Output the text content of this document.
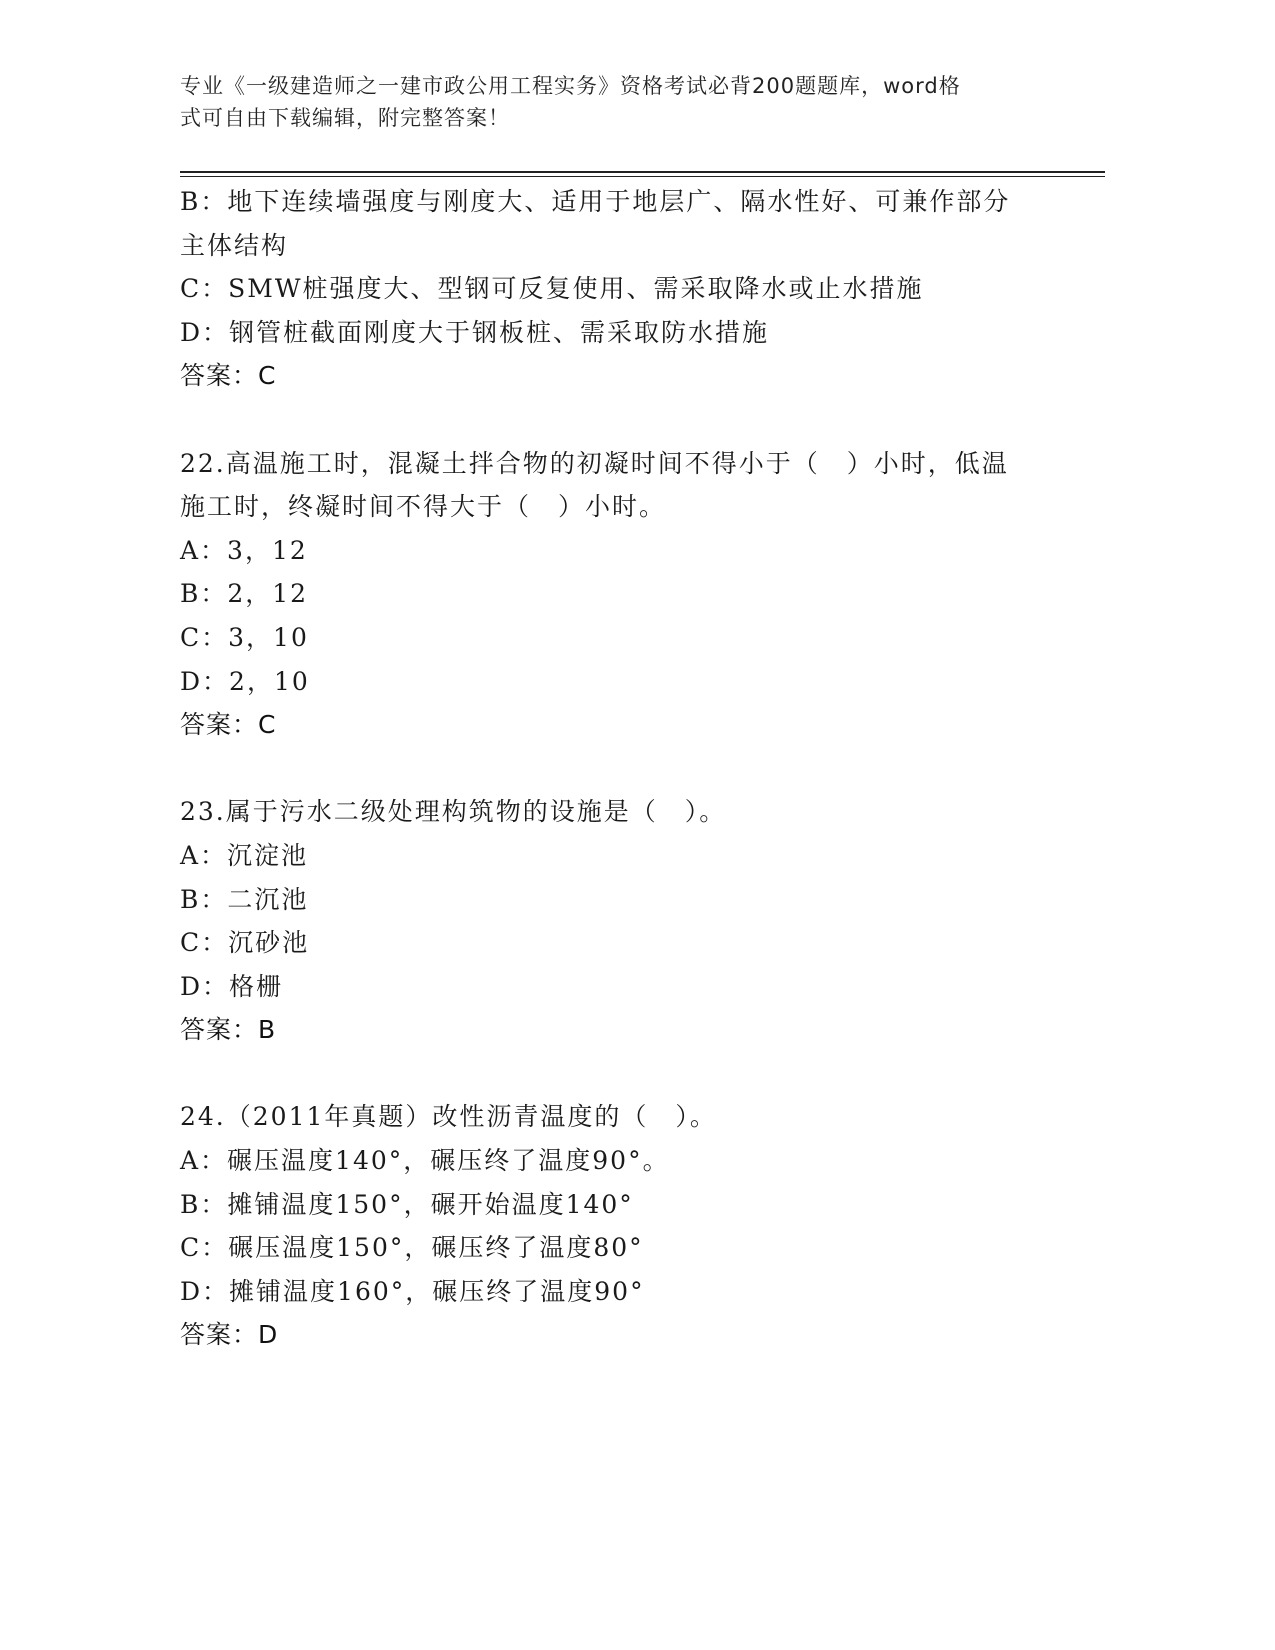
专业《一级建造师之一建市政公用工程实务》资格考试必背200题题库，word格
式可自由下载编辑，附完整答案！
B：地下连续墙强度与刚度大、适用于地层广、隔水性好、可兼作部分
主体结构
C：SMW桩强度大、型钢可反复使用、需采取降水或止水措施
D：钢管桩截面刚度大于钢板桩、需采取防水措施
答案：C
22.高温施工时，混凝土拌合物的初凝时间不得小于（　）小时，低温
施工时，终凝时间不得大于（　）小时。
A：3，12
B：2，12
C：3，10
D：2，10
答案：C
23.属于污水二级处理构筑物的设施是（　）。
A：沉淀池
B：二沉池
C：沉砂池
D：格栅
答案：B
24.（2011年真题）改性沥青温度的（　）。
A：碾压温度140°，碾压终了温度90°。
B：摊铺温度150°，碾开始温度140°
C：碾压温度150°，碾压终了温度80°
D：摊铺温度160°，碾压终了温度90°
答案：D
